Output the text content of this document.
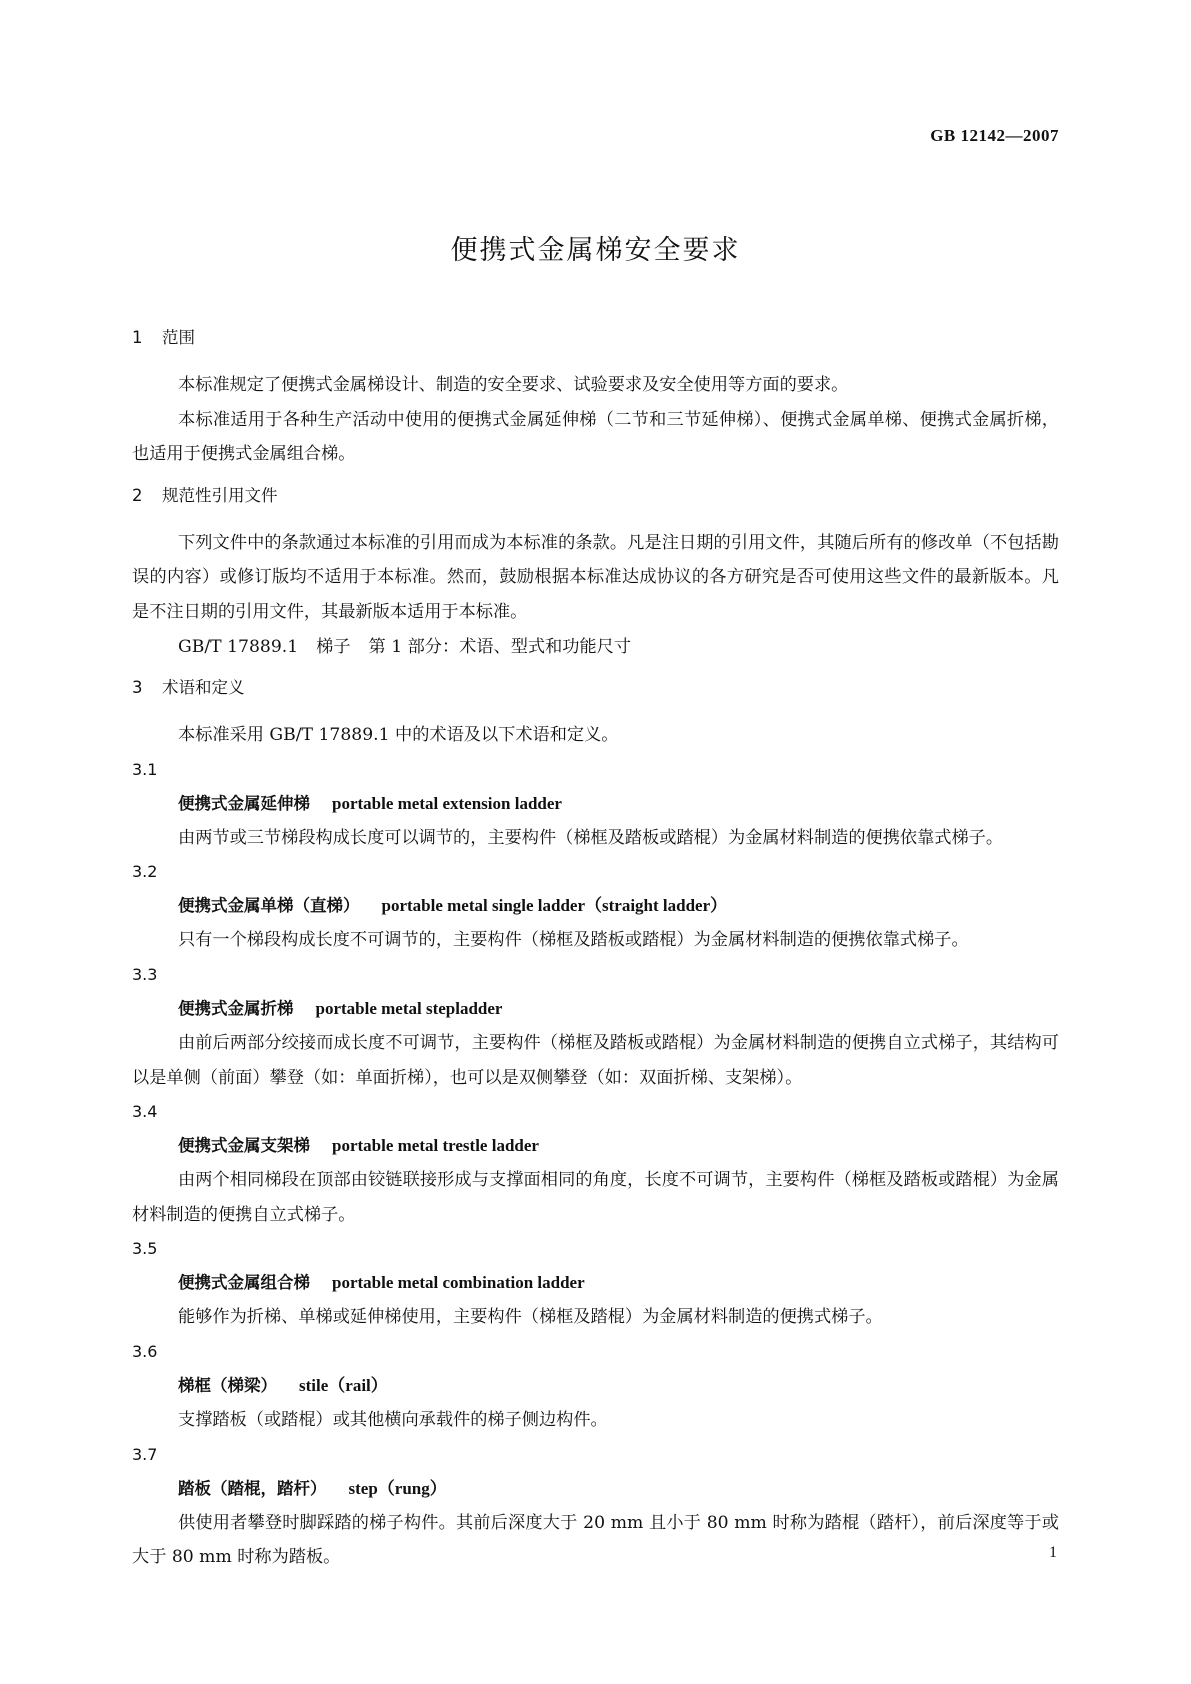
GB 12142—2007
便携式金属梯安全要求
1 范围
本标准规定了便携式金属梯设计、制造的安全要求、试验要求及安全使用等方面的要求。
本标准适用于各种生产活动中使用的便携式金属延伸梯（二节和三节延伸梯）、便携式金属单梯、便携式金属折梯，也适用于便携式金属组合梯。
2 规范性引用文件
下列文件中的条款通过本标准的引用而成为本标准的条款。凡是注日期的引用文件，其随后所有的修改单（不包括勘误的内容）或修订版均不适用于本标准。然而，鼓励根据本标准达成协议的各方研究是否可使用这些文件的最新版本。凡是不注日期的引用文件，其最新版本适用于本标准。
GB/T 17889.1 梯子 第 1 部分：术语、型式和功能尺寸
3 术语和定义
本标准采用 GB/T 17889.1 中的术语及以下术语和定义。
3.1
便携式金属延伸梯 portable metal extension ladder
由两节或三节梯段构成长度可以调节的，主要构件（梯框及踏板或踏棍）为金属材料制造的便携依靠式梯子。
3.2
便携式金属单梯（直梯） portable metal single ladder（straight ladder）
只有一个梯段构成长度不可调节的，主要构件（梯框及踏板或踏棍）为金属材料制造的便携依靠式梯子。
3.3
便携式金属折梯 portable metal stepladder
由前后两部分绞接而成长度不可调节，主要构件（梯框及踏板或踏棍）为金属材料制造的便携自立式梯子，其结构可以是单侧（前面）攀登（如：单面折梯），也可以是双侧攀登（如：双面折梯、支架梯）。
3.4
便携式金属支架梯 portable metal trestle ladder
由两个相同梯段在顶部由铰链联接形成与支撑面相同的角度，长度不可调节，主要构件（梯框及踏板或踏棍）为金属材料制造的便携自立式梯子。
3.5
便携式金属组合梯 portable metal combination ladder
能够作为折梯、单梯或延伸梯使用，主要构件（梯框及踏棍）为金属材料制造的便携式梯子。
3.6
梯框（梯梁） stile（rail）
支撑踏板（或踏棍）或其他横向承载件的梯子侧边构件。
3.7
踏板（踏棍，踏杆） step（rung）
供使用者攀登时脚踩踏的梯子构件。其前后深度大于 20 mm 且小于 80 mm 时称为踏棍（踏杆），前后深度等于或大于 80 mm 时称为踏板。	1
